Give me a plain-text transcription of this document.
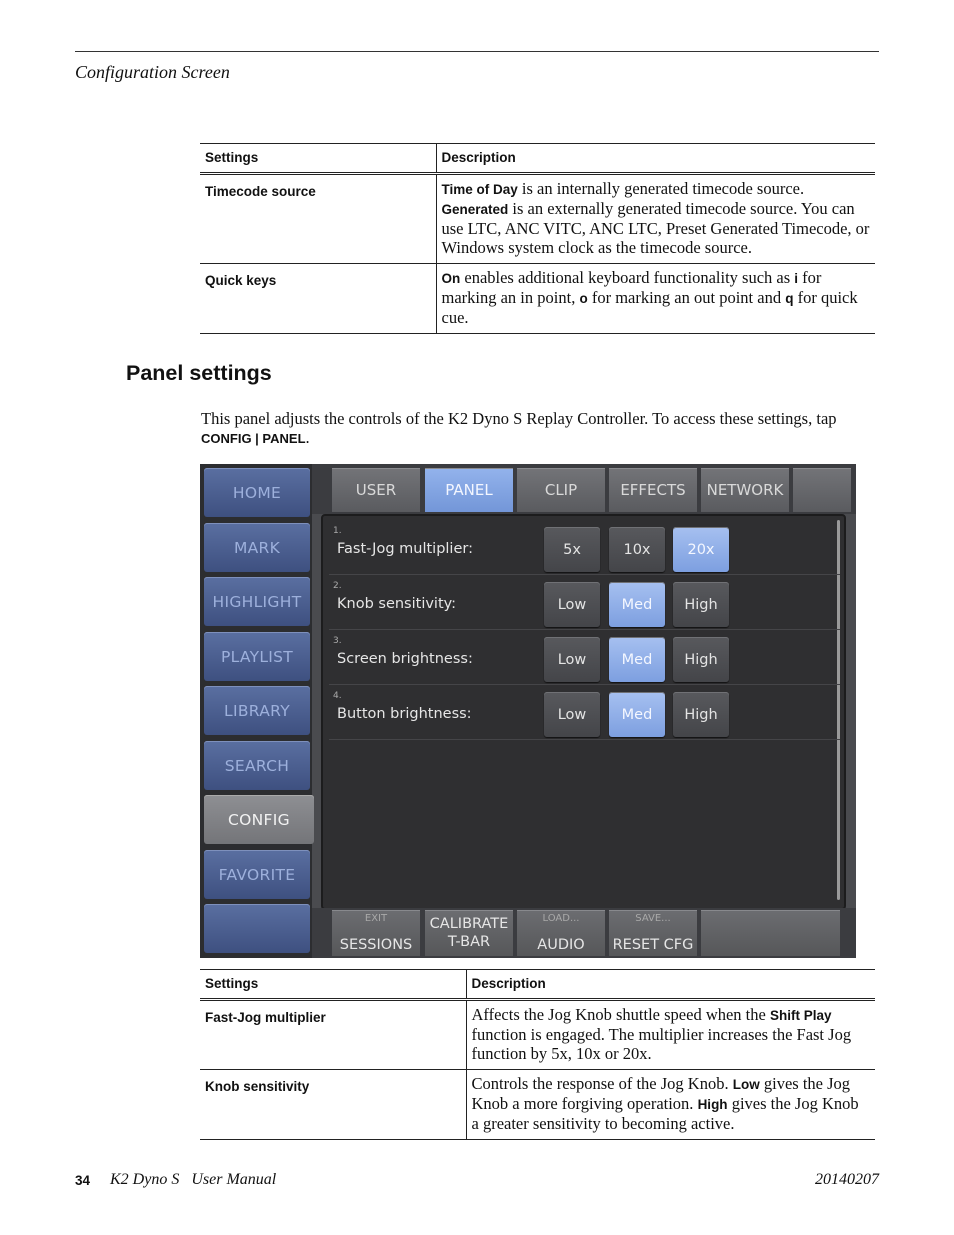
Configuration Screen
Settings	Description
Timecode source	Time of Day is an internally generated timecode source. Generated is an externally generated timecode source. You can use LTC, ANC VITC, ANC LTC, Preset Generated Timecode, or Windows system clock as the timecode source.
Quick keys	On enables additional keyboard functionality such as i for marking an in point, o for marking an out point and q for quick cue.
Panel settings
This panel adjusts the controls of the K2 Dyno S Replay Controller. To access these settings, tap CONFIG | PANEL.
HOME
MARK
HIGHLIGHT
PLAYLIST
LIBRARY
SEARCH
CONFIG
FAVORITE
USER	PANEL	CLIP	EFFECTS	NETWORK
1.
Fast-Jog multiplier:	5x	10x	20x
2.
Knob sensitivity:	Low	Med	High
3.
Screen brightness:	Low	Med	High
4.
Button brightness:	Low	Med	High
EXIT
SESSIONS
CALIBRATE
T-BAR
LOAD...
AUDIO
SAVE...
RESET CFG
Settings	Description
Fast-Jog multiplier	Affects the Jog Knob shuttle speed when the Shift Play function is engaged. The multiplier increases the Fast Jog function by 5x, 10x or 20x.
Knob sensitivity	Controls the response of the Jog Knob. Low gives the Jog Knob a more forgiving operation. High gives the Jog Knob a greater sensitivity to becoming active.
34 K2 Dyno S   User Manual	20140207
